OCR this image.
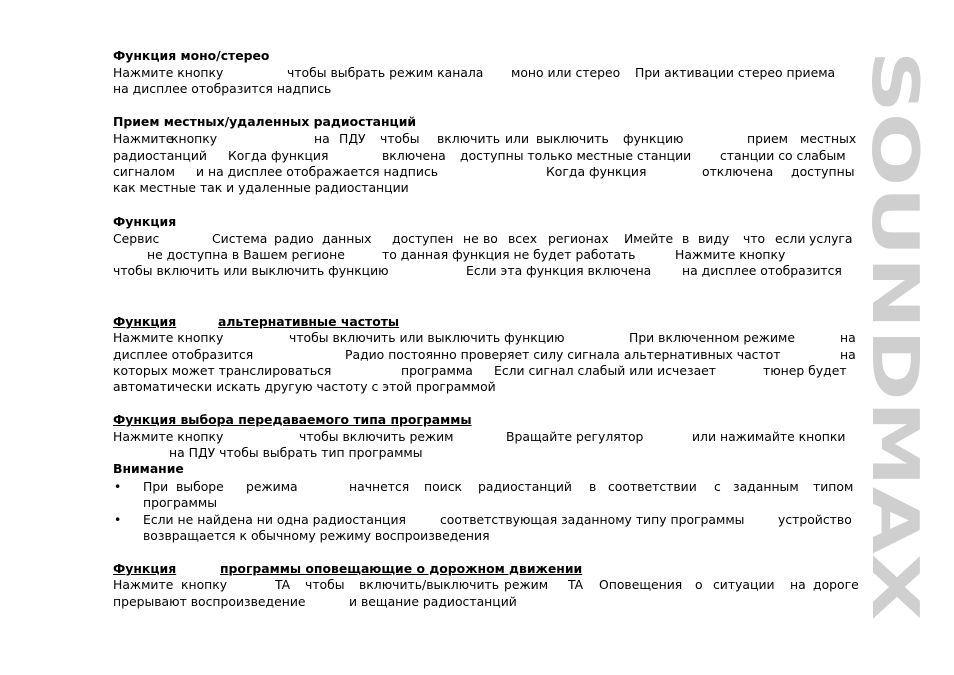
Функция моно/стерео
Нажмите кнопку	чтобы выбрать режим канала моно или стерео При активации стерео приема
на дисплее отобразится надпись
Прием местных/удаленных радиостанций
Нажмите
кнопку	на ПДУ чтобы включить или выключить функцию	прием местных
радиостанций Когда функция	включена доступны только местные станции станции со слабым
сигналом и на дисплее отображается надпись	Когда функция	отключена доступны
как местные так и удаленные радиостанции
Функция
Сервис	Система радио данных доступен не во всех регионах Имейте в виду что если услуга
не доступна в Вашем регионе	то данная функция не будет работать	Нажмите кнопку
чтобы включить или выключить функцию	Если эта функция включена на дисплее отобразится
Функция	альтернативные частоты
Нажмите кнопку	чтобы включить или выключить функцию	При включенном режиме	на
дисплее отобразится	Радио постоянно проверяет силу сигнала альтернативных частот	на
которых может транслироваться	программа Если сигнал слабый или исчезает	тюнер будет
автоматически искать другую частоту с этой программой
Функция выбора передаваемого типа программы
Нажмите кнопку	чтобы включить режим	Вращайте регулятор	или нажимайте кнопки
на ПДУ чтобы выбрать тип программы
Внимание
• При выборе режима	начнется поиск радиостанций в соответствии с заданным типом
программы
• Если не найдена ни одна радиостанция	соответствующая заданному типу программы	устройство
возвращается к обычному режиму воспроизведения
Функция	программы оповещающие о дорожном движении
Нажмите кнопку	TA чтобы включить/выключить режим TA Оповещения о ситуации на дороге
прерывают воспроизведение	и вещание радиостанций
SOUNDMAX
